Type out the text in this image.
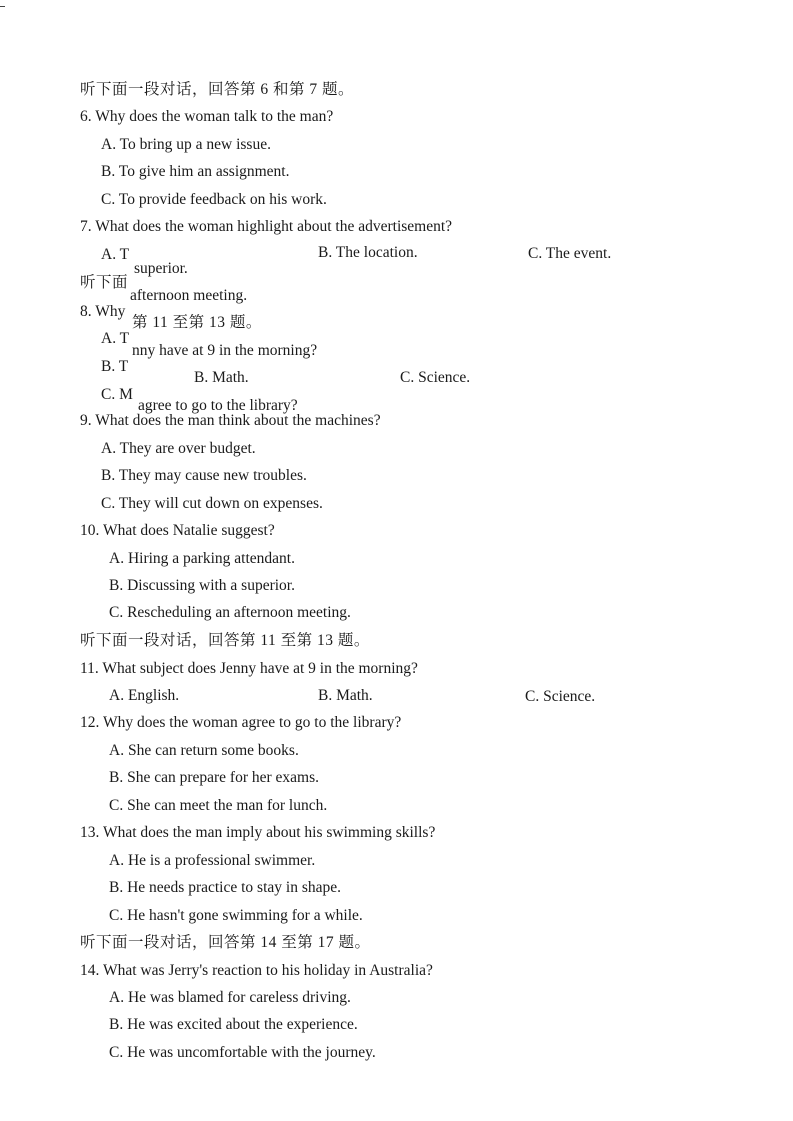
听下面一段对话，回答第 6 和第 7 题。
6. Why does the woman talk to the man?
A. To bring up a new issue.
B. To give him an assignment.
C. To provide feedback on his work.
7. What does the woman highlight about the advertisement?
A. T	B. The location.	C. The event.
superior.
听下面
afternoon meeting.
8. Why
第 11 至第 13 题。
A. T
nny have at 9 in the morning?
B. T
B. Math.	C. Science.
C. M
agree to go to the library?
9. What does the man think about the machines?
A. They are over budget.
B. They may cause new troubles.
C. They will cut down on expenses.
10. What does Natalie suggest?
A. Hiring a parking attendant.
B. Discussing with a superior.
C. Rescheduling an afternoon meeting.
听下面一段对话，回答第 11 至第 13 题。
11. What subject does Jenny have at 9 in the morning?
A. English.	B. Math.	C. Science.
12. Why does the woman agree to go to the library?
A. She can return some books.
B. She can prepare for her exams.
C. She can meet the man for lunch.
13. What does the man imply about his swimming skills?
A. He is a professional swimmer.
B. He needs practice to stay in shape.
C. He hasn't gone swimming for a while.
听下面一段对话，回答第 14 至第 17 题。
14. What was Jerry's reaction to his holiday in Australia?
A. He was blamed for careless driving.
B. He was excited about the experience.
C. He was uncomfortable with the journey.
